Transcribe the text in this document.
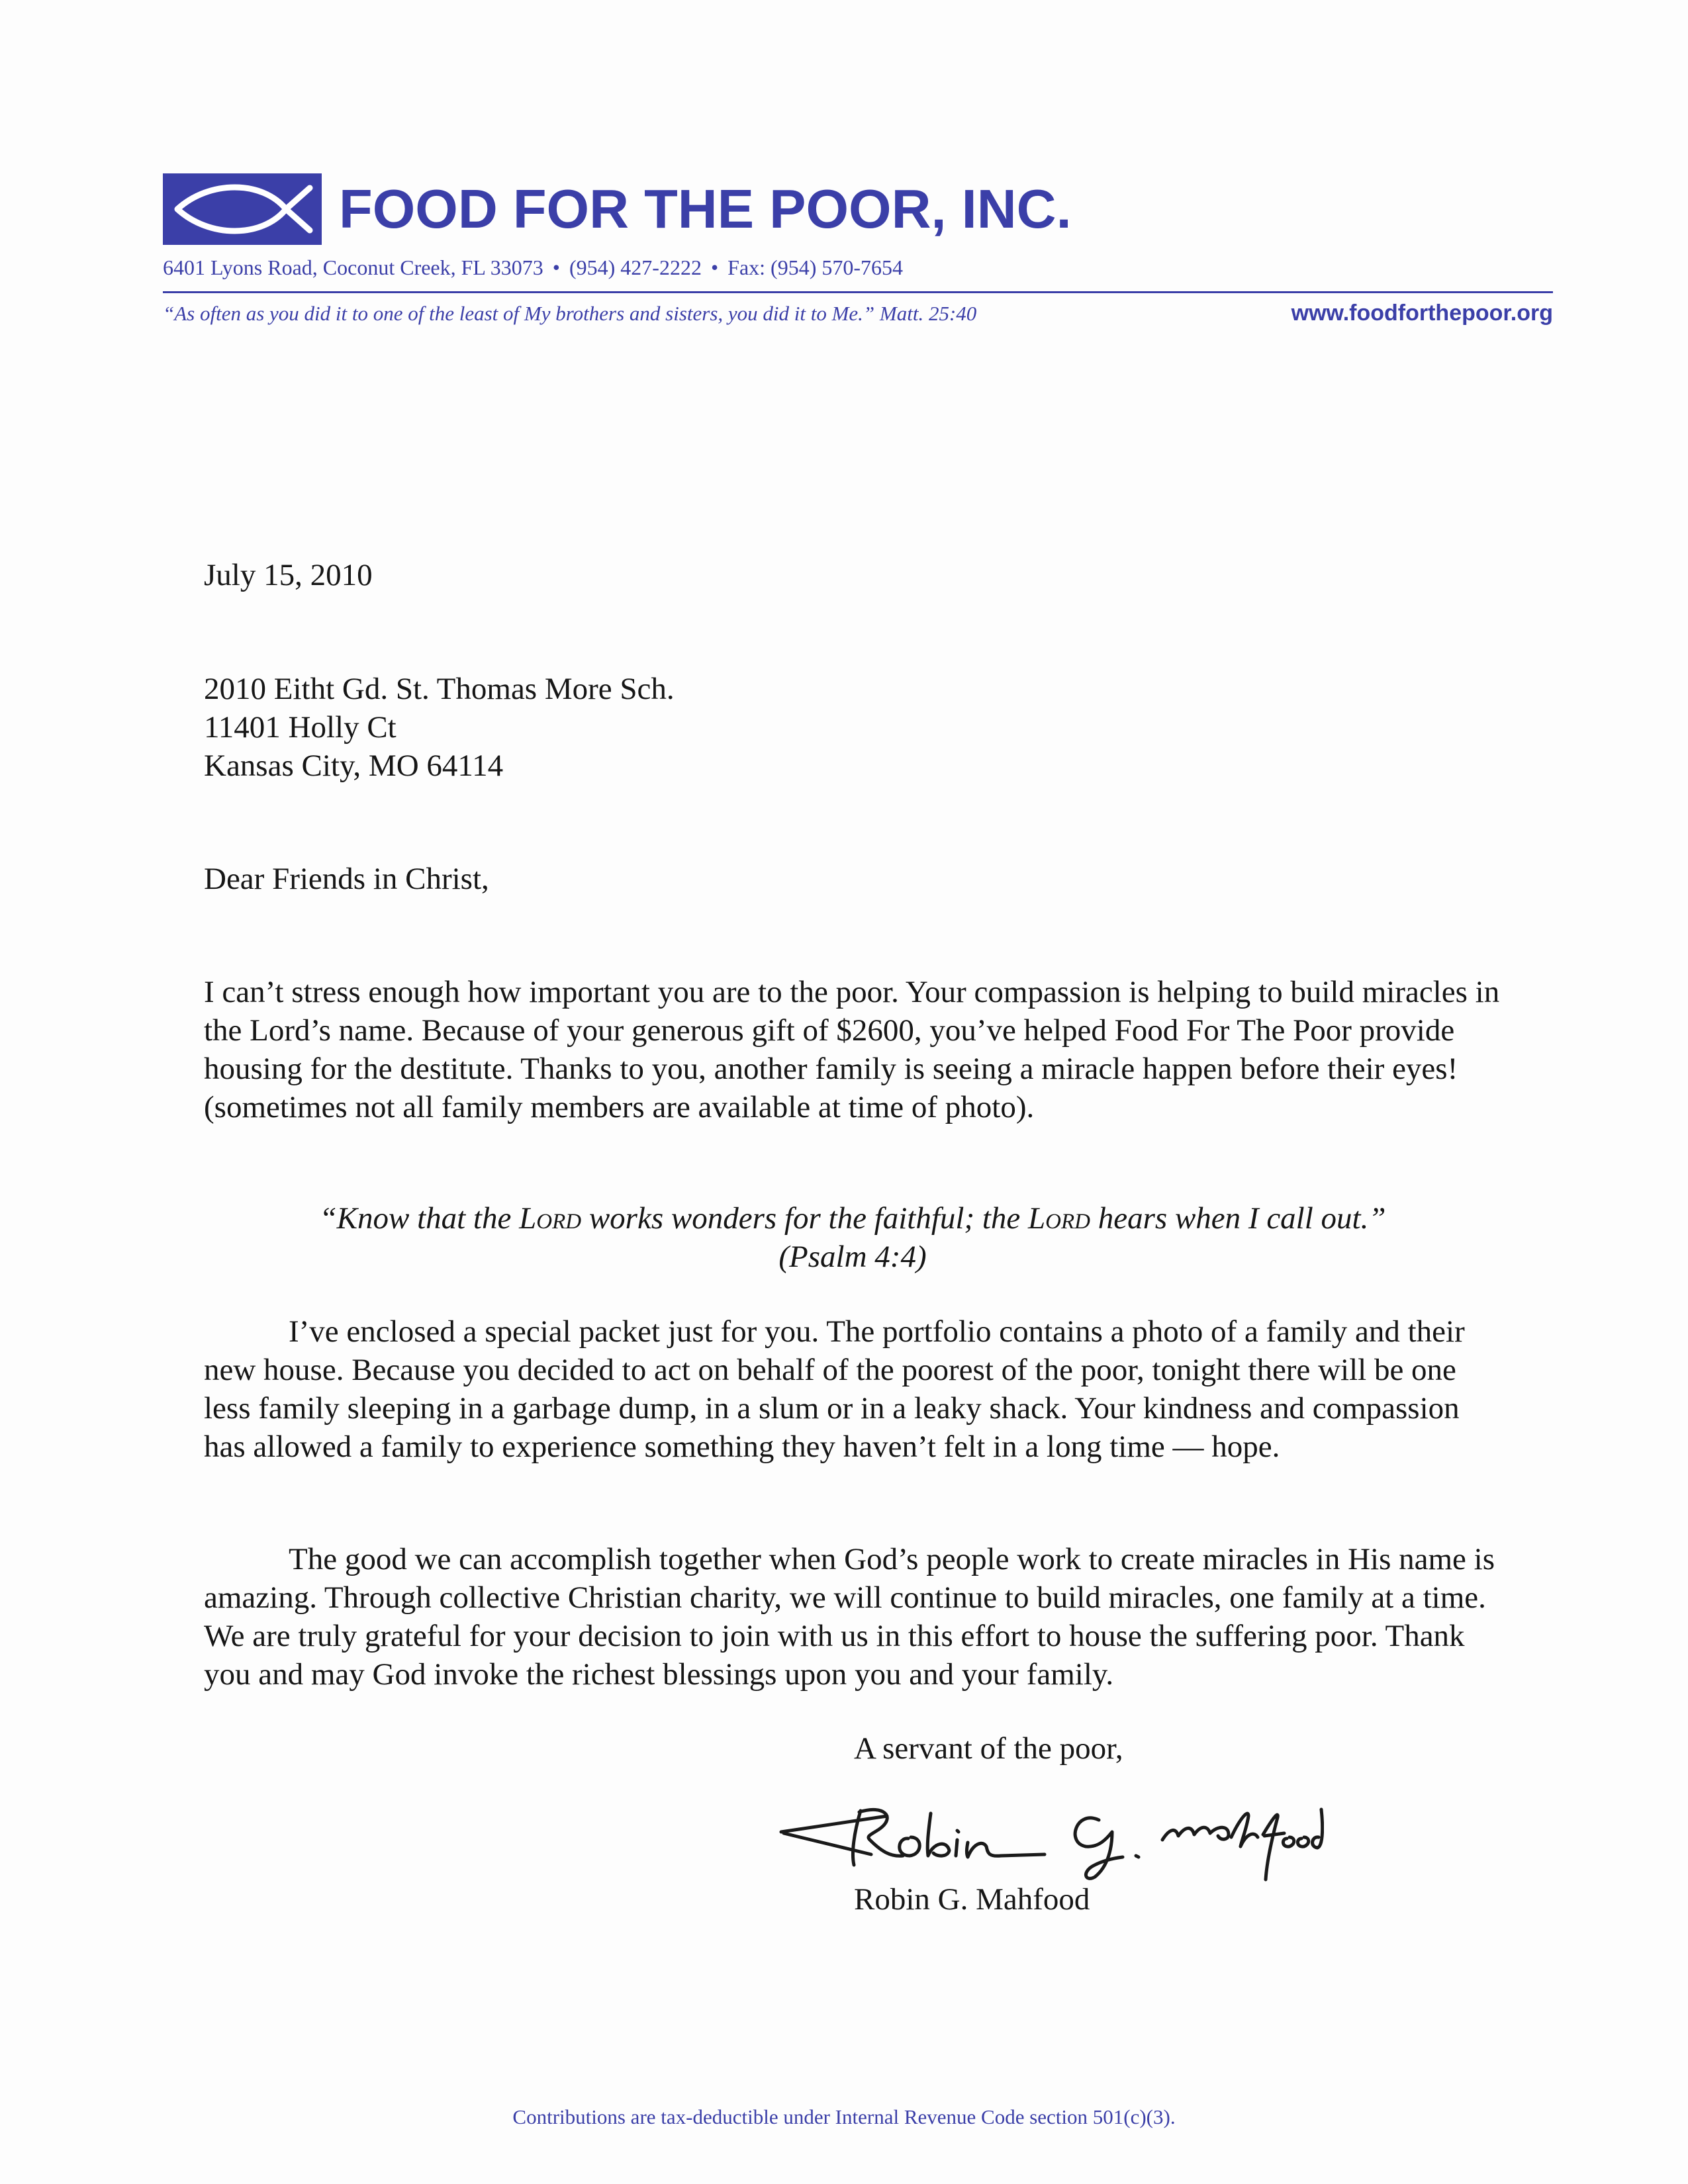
FOOD FOR THE POOR, INC.
6401 Lyons Road, Coconut Creek, FL 33073 • (954) 427-2222 • Fax: (954) 570-7654
“As often as you did it to one of the least of My brothers and sisters, you did it to Me.” Matt. 25:40	www.foodforthepoor.org
July 15, 2010
2010 Eitht Gd. St. Thomas More Sch.
11401 Holly Ct
Kansas City, MO 64114
Dear Friends in Christ,

I can’t stress enough how important you are to the poor. Your compassion is helping to build miracles in the Lord’s name. Because of your generous gift of $2600, you’ve helped Food For The Poor provide housing for the destitute. Thanks to you, another family is seeing a miracle happen before their eyes! (sometimes not all family members are available at time of photo).

“Know that the Lord works wonders for the faithful; the Lord hears when I call out.”
(Psalm 4:4)

I’ve enclosed a special packet just for you. The portfolio contains a photo of a family and their new house. Because you decided to act on behalf of the poorest of the poor, tonight there will be one less family sleeping in a garbage dump, in a slum or in a leaky shack. Your kindness and compassion has allowed a family to experience something they haven’t felt in a long time — hope.

The good we can accomplish together when God’s people work to create miracles in His name is amazing. Through collective Christian charity, we will continue to build miracles, one family at a time. We are truly grateful for your decision to join with us in this effort to house the suffering poor. Thank you and may God invoke the richest blessings upon you and your family.

A servant of the poor,
Robin G. Mahfood
Contributions are tax-deductible under Internal Revenue Code section 501(c)(3).
